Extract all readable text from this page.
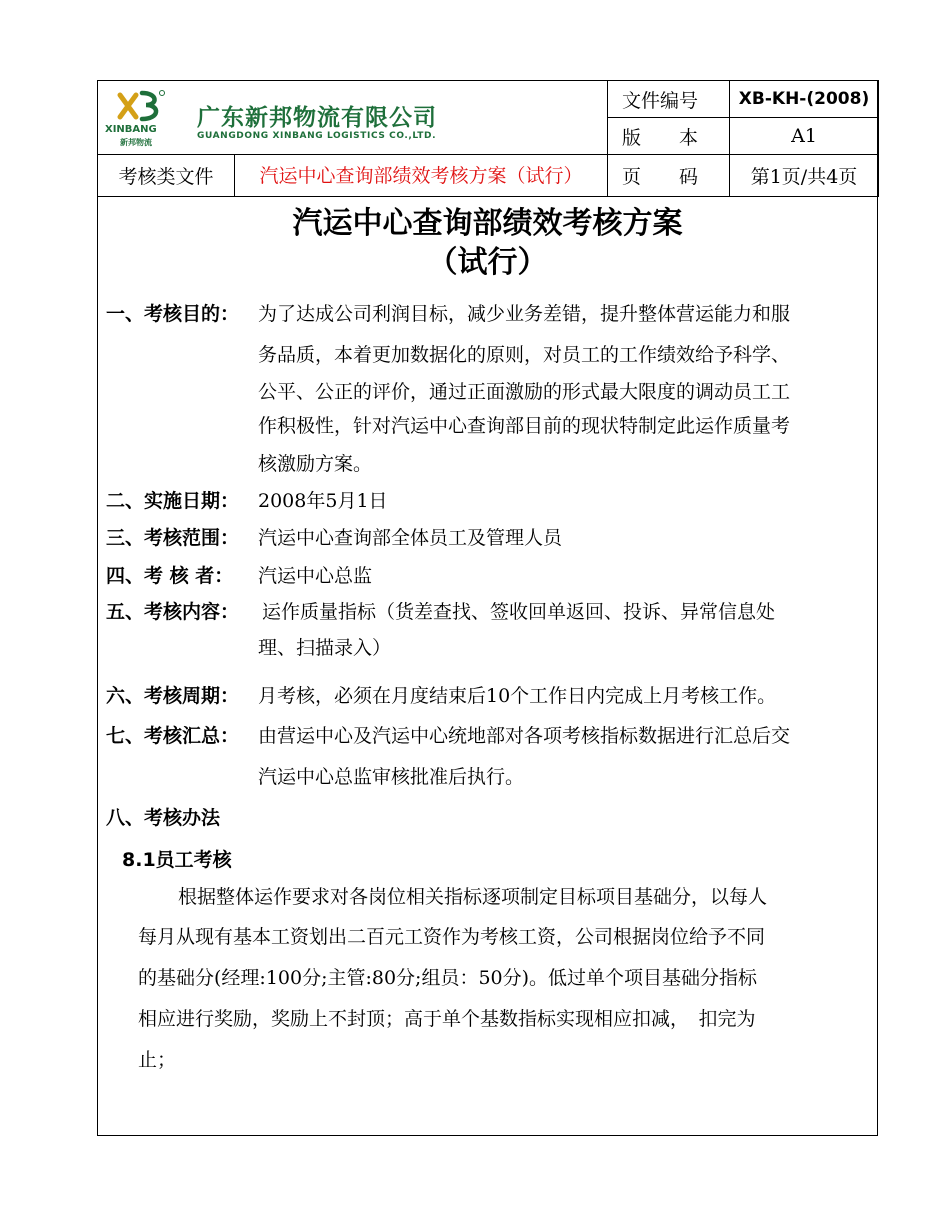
XINBANG
新邦物流
广东新邦物流有限公司
GUANGDONG XINBANG LOGISTICS CO.,LTD.		文件编号	XB-KH-(2008)
		版　　本	A1
考核类文件	汽运中心查询部绩效考核方案（试行）	页　　码	第1页/共4页
汽运中心查询部绩效考核方案
（试行）
一、考核目的： 为了达成公司利润目标，减少业务差错，提升整体营运能力和服
务品质，本着更加数据化的原则，对员工的工作绩效给予科学、
公平、公正的评价，通过正面激励的形式最大限度的调动员工工
作积极性，针对汽运中心查询部目前的现状特制定此运作质量考
核激励方案。
二、实施日期： 2008年5月1日
三、考核范围： 汽运中心查询部全体员工及管理人员
四、考 核 者： 汽运中心总监
五、考核内容： 运作质量指标（货差查找、签收回单返回、投诉、异常信息处
理、扫描录入）
六、考核周期： 月考核，必须在月度结束后10个工作日内完成上月考核工作。
七、考核汇总： 由营运中心及汽运中心统地部对各项考核指标数据进行汇总后交
汽运中心总监审核批准后执行。
八、考核办法
8.1员工考核
根据整体运作要求对各岗位相关指标逐项制定目标项目基础分，以每人
每月从现有基本工资划出二百元工资作为考核工资，公司根据岗位给予不同
的基础分(经理:100分;主管:80分;组员：50分)。低过单个项目基础分指标
相应进行奖励，奖励上不封顶；高于单个基数指标实现相应扣减，　扣完为
止；
